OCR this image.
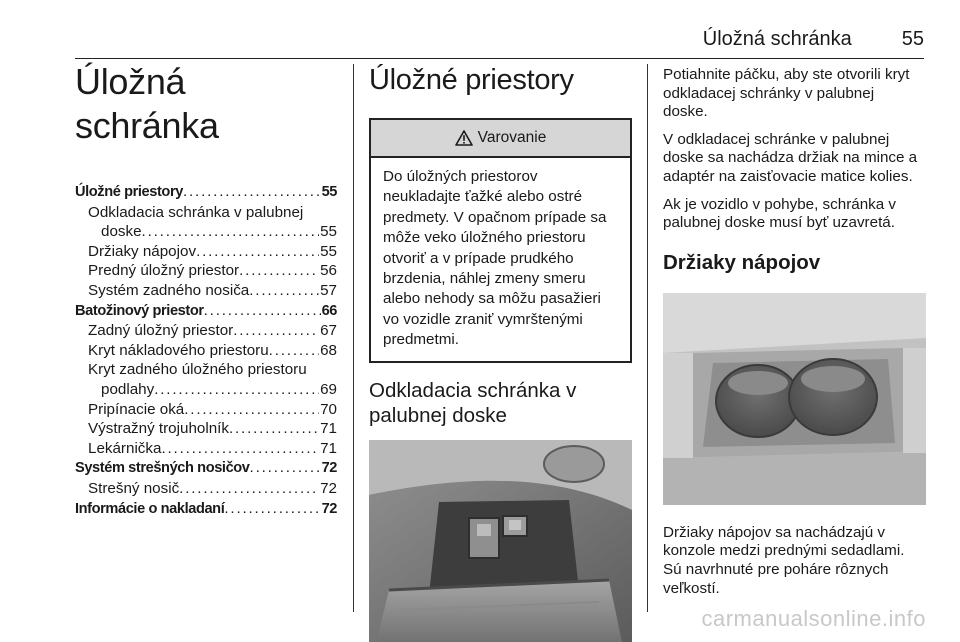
Úložná schránka	55
Úložná schránka
Úložné priestory . . .	55
Odkladacia schránka v palubnej
doske . . .	55
Držiaky nápojov . . .	55
Predný úložný priestor . . .	56
Systém zadného nosiča . . .	57
Batožinový priestor . . .	66
Zadný úložný priestor . . .	67
Kryt nákladového priestoru . . .	68
Kryt zadného úložného priestoru
podlahy . . .	69
Pripínacie oká . . .	70
Výstražný trojuholník . . .	71
Lekárnička . . .	71
Systém strešných nosičov . . .	72
Strešný nosič . . .	72
Informácie o nakladaní . . .	72
Úložné priestory
Varovanie
Do úložných priestorov
neukladajte ťažké alebo ostré
predmety. V opačnom prípade sa
môže veko úložného priestoru
otvoriť a v prípade prudkého
brzdenia, náhlej zmeny smeru
alebo nehody sa môžu pasažieri
vo vozidle zraniť vymrštenými
predmetmi.
Odkladacia schránka v
palubnej doske

Potiahnite páčku, aby ste otvorili kryt
odkladacej schránky v palubnej
doske.

V odkladacej schránke v palubnej
doske sa nachádza držiak na mince a
adaptér na zaisťovacie matice kolies.

Ak je vozidlo v pohybe, schránka v
palubnej doske musí byť uzavretá.

Držiaky nápojov

Držiaky nápojov sa nachádzajú v
konzole medzi prednými sedadlami.
Sú navrhnuté pre poháre rôznych
veľkostí.

carmanualsonline.info
